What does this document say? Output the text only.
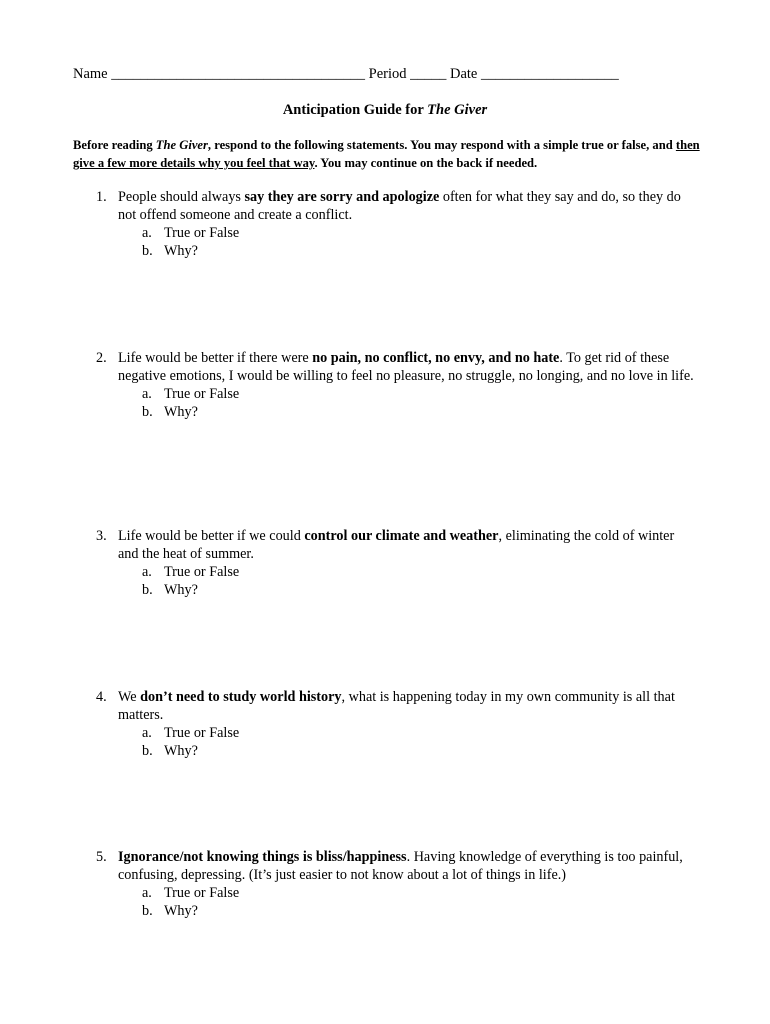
Name ___________________________________ Period _____ Date ___________________
Anticipation Guide for The Giver
Before reading The Giver, respond to the following statements. You may respond with a simple true or false, and then give a few more details why you feel that way. You may continue on the back if needed.
1. People should always say they are sorry and apologize often for what they say and do, so they do not offend someone and create a conflict.
a. True or False
b. Why?
2. Life would be better if there were no pain, no conflict, no envy, and no hate. To get rid of these negative emotions, I would be willing to feel no pleasure, no struggle, no longing, and no love in life.
a. True or False
b. Why?
3. Life would be better if we could control our climate and weather, eliminating the cold of winter and the heat of summer.
a. True or False
b. Why?
4. We don’t need to study world history, what is happening today in my own community is all that matters.
a. True or False
b. Why?
5. Ignorance/not knowing things is bliss/happiness. Having knowledge of everything is too painful, confusing, depressing. (It’s just easier to not know about a lot of things in life.)
a. True or False
b. Why?
